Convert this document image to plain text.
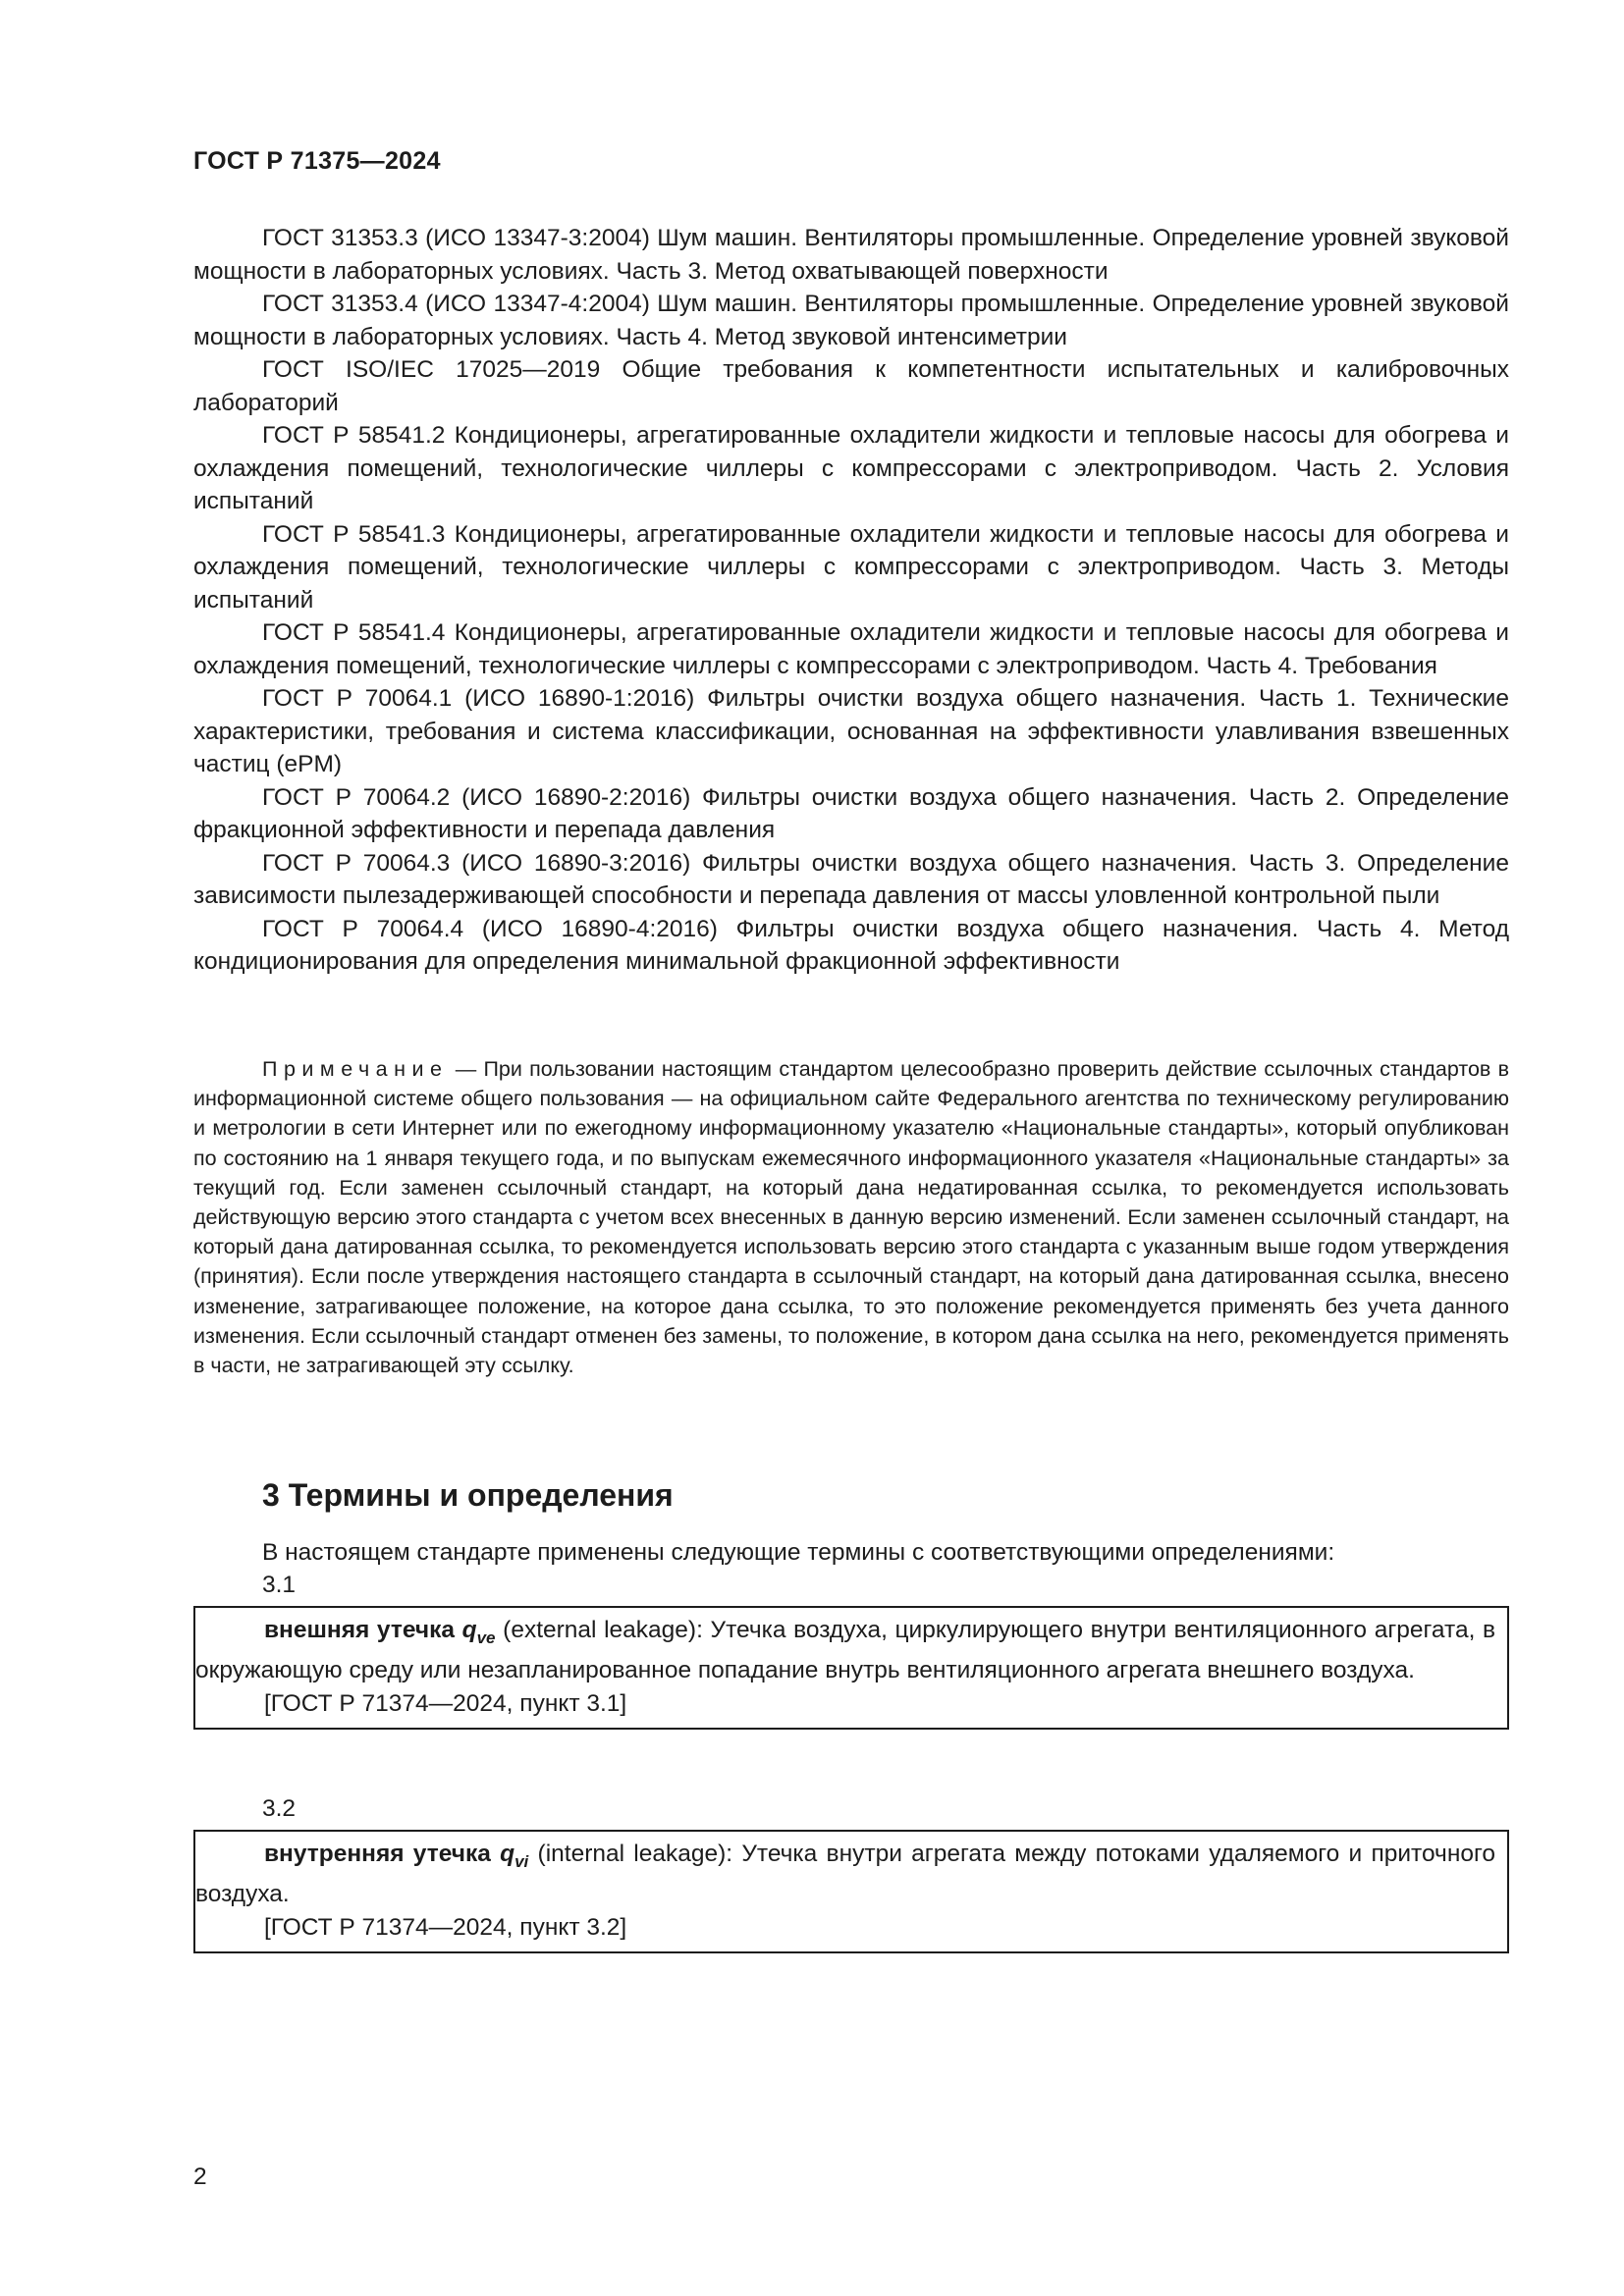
ГОСТ Р 71375—2024

ГОСТ 31353.3 (ИСО 13347-3:2004) Шум машин. Вентиляторы промышленные. Определение уровней звуковой мощности в лабораторных условиях. Часть 3. Метод охватывающей поверхности

ГОСТ 31353.4 (ИСО 13347-4:2004) Шум машин. Вентиляторы промышленные. Определение уровней звуковой мощности в лабораторных условиях. Часть 4. Метод звуковой интенсиметрии

ГОСТ ISO/IEC 17025—2019 Общие требования к компетентности испытательных и калибровочных лабораторий

ГОСТ Р 58541.2 Кондиционеры, агрегатированные охладители жидкости и тепловые насосы для обогрева и охлаждения помещений, технологические чиллеры с компрессорами с электроприводом. Часть 2. Условия испытаний

ГОСТ Р 58541.3 Кондиционеры, агрегатированные охладители жидкости и тепловые насосы для обогрева и охлаждения помещений, технологические чиллеры с компрессорами с электроприводом. Часть 3. Методы испытаний

ГОСТ Р 58541.4 Кондиционеры, агрегатированные охладители жидкости и тепловые насосы для обогрева и охлаждения помещений, технологические чиллеры с компрессорами с электроприводом. Часть 4. Требования

ГОСТ Р 70064.1 (ИСО 16890-1:2016) Фильтры очистки воздуха общего назначения. Часть 1. Технические характеристики, требования и система классификации, основанная на эффективности улавливания взвешенных частиц (ePM)

ГОСТ Р 70064.2 (ИСО 16890-2:2016) Фильтры очистки воздуха общего назначения. Часть 2. Определение фракционной эффективности и перепада давления

ГОСТ Р 70064.3 (ИСО 16890-3:2016) Фильтры очистки воздуха общего назначения. Часть 3. Определение зависимости пылезадерживающей способности и перепада давления от массы уловленной контрольной пыли

ГОСТ Р 70064.4 (ИСО 16890-4:2016) Фильтры очистки воздуха общего назначения. Часть 4. Метод кондиционирования для определения минимальной фракционной эффективности

Примечание — При пользовании настоящим стандартом целесообразно проверить действие ссылочных стандартов в информационной системе общего пользования — на официальном сайте Федерального агентства по техническому регулированию и метрологии в сети Интернет или по ежегодному информационному указателю «Национальные стандарты», который опубликован по состоянию на 1 января текущего года, и по выпускам ежемесячного информационного указателя «Национальные стандарты» за текущий год. Если заменен ссылочный стандарт, на который дана недатированная ссылка, то рекомендуется использовать действующую версию этого стандарта с учетом всех внесенных в данную версию изменений. Если заменен ссылочный стандарт, на который дана датированная ссылка, то рекомендуется использовать версию этого стандарта с указанным выше годом утверждения (принятия). Если после утверждения настоящего стандарта в ссылочный стандарт, на который дана датированная ссылка, внесено изменение, затрагивающее положение, на которое дана ссылка, то это положение рекомендуется применять без учета данного изменения. Если ссылочный стандарт отменен без замены, то положение, в котором дана ссылка на него, рекомендуется применять в части, не затрагивающей эту ссылку.

3 Термины и определения

В настоящем стандарте применены следующие термины с соответствующими определениями:

3.1

внешняя утечка $q_{ve}$ (external leakage): Утечка воздуха, циркулирующего внутри вентиляционного агрегата, в окружающую среду или незапланированное попадание внутрь вентиляционного агрегата внешнего воздуха.

[ГОСТ Р 71374—2024, пункт 3.1]

3.2

внутренняя утечка $q_{vi}$ (internal leakage): Утечка внутри агрегата между потоками удаляемого и приточного воздуха.

[ГОСТ Р 71374—2024, пункт 3.2]

2
